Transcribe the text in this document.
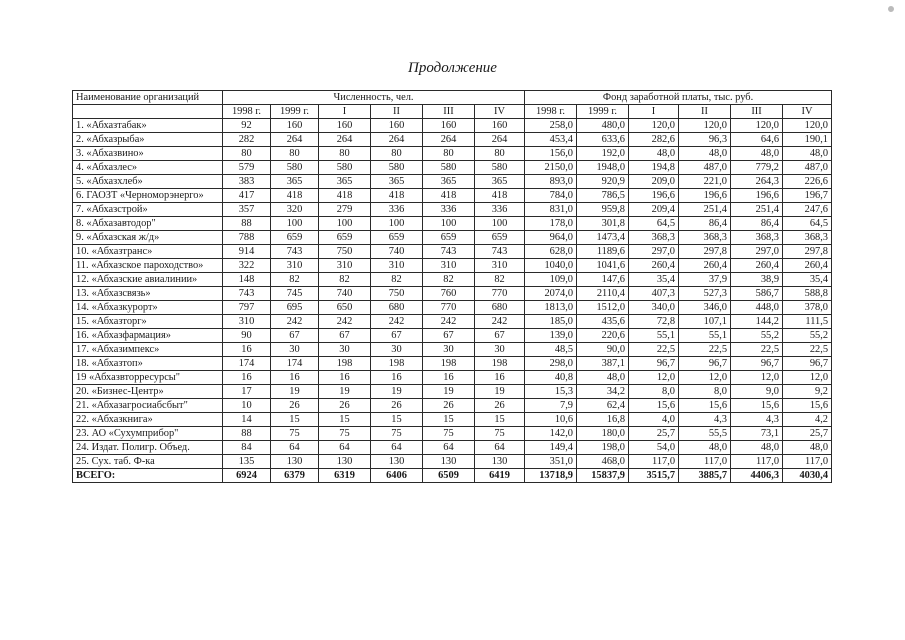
Продолжение
Наименование организаций	Численность, чел.						Фонд заработной платы, тыс. руб.					
	1998 г.	1999 г.	I	II	III	IV	1998 г.	1999 г.	I	II	III	IV
1. «Абхазтабак»	92	160	160	160	160	160	258,0	480,0	120,0	120,0	120,0	120,0
2. «Абхазрыба»	282	264	264	264	264	264	453,4	633,6	282,6	96,3	64,6	190,1
3. «Абхазвино»	80	80	80	80	80	80	156,0	192,0	48,0	48,0	48,0	48,0
4. «Абхазлес»	579	580	580	580	580	580	2150,0	1948,0	194,8	487,0	779,2	487,0
5. «Абхазхлеб»	383	365	365	365	365	365	893,0	920,9	209,0	221,0	264,3	226,6
6. ГАОЗТ «Черноморэнерго»	417	418	418	418	418	418	784,0	786,5	196,6	196,6	196,6	196,7
7. «Абхазстрой»	357	320	279	336	336	336	831,0	959,8	209,4	251,4	251,4	247,6
8. «Абхазавтодор"	88	100	100	100	100	100	178,0	301,8	64,5	86,4	86,4	64,5
9. «Абхазская ж/д»	788	659	659	659	659	659	964,0	1473,4	368,3	368,3	368,3	368,3
10. «Абхазтранс»	914	743	750	740	743	743	628,0	1189,6	297,0	297,8	297,0	297,8
11. «Абхазское пароходство»	322	310	310	310	310	310	1040,0	1041,6	260,4	260,4	260,4	260,4
12. «Абхазские авиалинии»	148	82	82	82	82	82	109,0	147,6	35,4	37,9	38,9	35,4
13. «Абхазсвязь»	743	745	740	750	760	770	2074,0	2110,4	407,3	527,3	586,7	588,8
14. «Абхазкурорт»	797	695	650	680	770	680	1813,0	1512,0	340,0	346,0	448,0	378,0
15. «Абхазторг»	310	242	242	242	242	242	185,0	435,6	72,8	107,1	144,2	111,5
16. «Абхазфармация»	90	67	67	67	67	67	139,0	220,6	55,1	55,1	55,2	55,2
17. «Абхазимпекс»	16	30	30	30	30	30	48,5	90,0	22,5	22,5	22,5	22,5
18. «Абхазтоп»	174	174	198	198	198	198	298,0	387,1	96,7	96,7	96,7	96,7
19 «Абхазвторресурсы"	16	16	16	16	16	16	40,8	48,0	12,0	12,0	12,0	12,0
20. «Бизнес-Центр»	17	19	19	19	19	19	15,3	34,2	8,0	8,0	9,0	9,2
21. «Абхазагросиабсбыт"	10	26	26	26	26	26	7,9	62,4	15,6	15,6	15,6	15,6
22. «Абхазкнига»	14	15	15	15	15	15	10,6	16,8	4,0	4,3	4,3	4,2
23. АО «Сухумприбор"	88	75	75	75	75	75	142,0	180,0	25,7	55,5	73,1	25,7
24. Издат. Полигр. Объед.	84	64	64	64	64	64	149,4	198,0	54,0	48,0	48,0	48,0
25. Сух. таб. Ф-ка	135	130	130	130	130	130	351,0	468,0	117,0	117,0	117,0	117,0
ВСЕГО:	6924	6379	6319	6406	6509	6419	13718,9	15837,9	3515,7	3885,7	4406,3	4030,4
